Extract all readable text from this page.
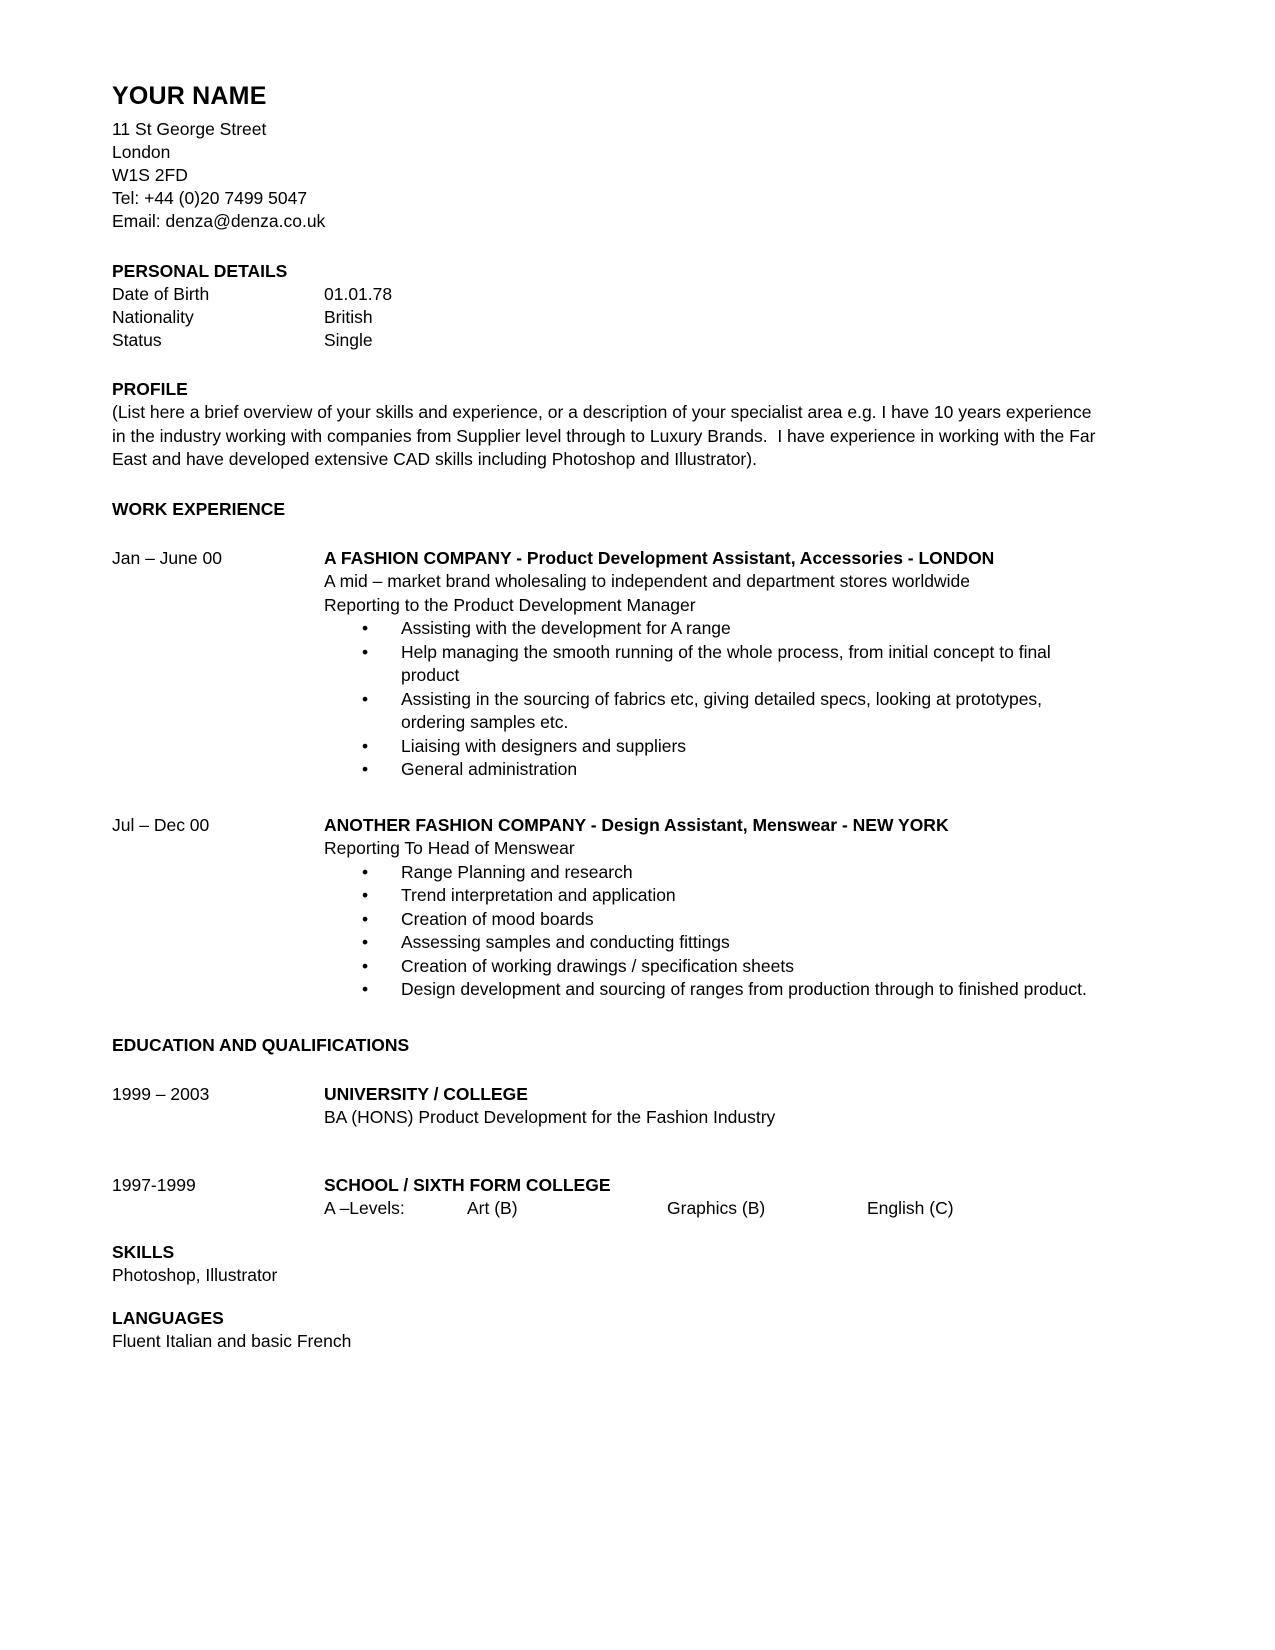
YOUR NAME
11 St George Street
London
W1S 2FD
Tel: +44 (0)20 7499 5047
Email: denza@denza.co.uk
PERSONAL DETAILS
Date of Birth	01.01.78
Nationality	British
Status	Single
PROFILE
(List here a brief overview of your skills and experience, or a description of your specialist area e.g. I have 10 years experience in the industry working with companies from Supplier level through to Luxury Brands.  I have experience in working with the Far East and have developed extensive CAD skills including Photoshop and Illustrator).
WORK EXPERIENCE
Jan – June 00	A FASHION COMPANY - Product Development Assistant, Accessories - LONDON
A mid – market brand wholesaling to independent and department stores worldwide
Reporting to the Product Development Manager
• Assisting with the development for A range
• Help managing the smooth running of the whole process, from initial concept to final product
• Assisting in the sourcing of fabrics etc, giving detailed specs, looking at prototypes, ordering samples etc.
• Liaising with designers and suppliers
• General administration
Jul – Dec 00	ANOTHER FASHION COMPANY - Design Assistant, Menswear - NEW YORK
Reporting To Head of Menswear
• Range Planning and research
• Trend interpretation and application
• Creation of mood boards
• Assessing samples and conducting fittings
• Creation of working drawings / specification sheets
• Design development and sourcing of ranges from production through to finished product.
EDUCATION AND QUALIFICATIONS
1999 – 2003	UNIVERSITY / COLLEGE
BA (HONS) Product Development for the Fashion Industry
1997-1999	SCHOOL / SIXTH FORM COLLEGE
A –Levels:	Art (B)	Graphics (B)	English (C)
SKILLS
Photoshop, Illustrator
LANGUAGES
Fluent Italian and basic French
